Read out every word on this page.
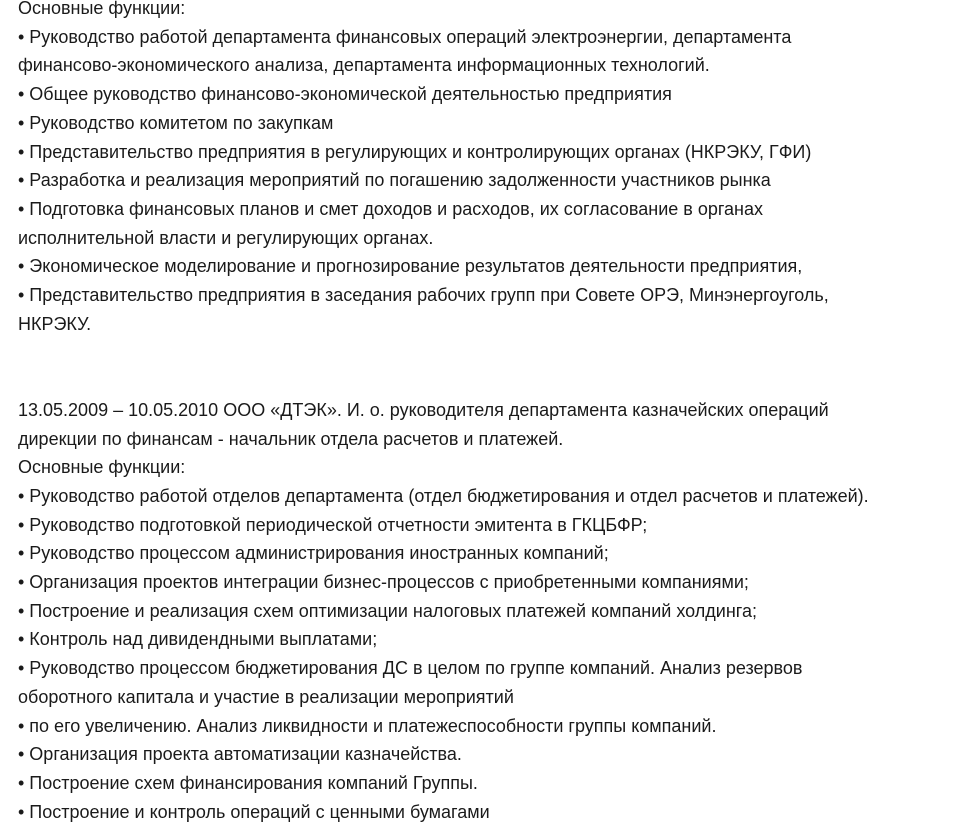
Основные функции:
• Руководство работой департамента финансовых операций электроэнергии, департамента
финансово-экономического анализа, департамента информационных технологий.
• Общее руководство финансово-экономической деятельностью предприятия
• Руководство комитетом по закупкам
• Представительство предприятия в регулирующих и контролирующих органах (НКРЭКУ, ГФИ)
• Разработка и реализация мероприятий по погашению задолженности участников рынка
• Подготовка финансовых планов и смет доходов и расходов, их согласование в органах
исполнительной власти и регулирующих органах.
• Экономическое моделирование и прогнозирование результатов деятельности предприятия,
• Представительство предприятия в заседания рабочих групп при Совете ОРЭ, Минэнергоуголь,
НКРЭКУ.
13.05.2009 – 10.05.2010 ООО «ДТЭК». И. о. руководителя департамента казначейских операций
дирекции по финансам - начальник отдела расчетов и платежей.
Основные функции:
• Руководство работой отделов департамента (отдел бюджетирования и отдел расчетов и платежей).
• Руководство подготовкой периодической отчетности эмитента в ГКЦБФР;
• Руководство процессом администрирования иностранных компаний;
• Организация проектов интеграции бизнес-процессов с приобретенными компаниями;
• Построение и реализация схем оптимизации налоговых платежей компаний холдинга;
• Контроль над дивидендными выплатами;
• Руководство процессом бюджетирования ДС в целом по группе компаний. Анализ резервов
оборотного капитала и участие в реализации мероприятий
• по его увеличению. Анализ ликвидности и платежеспособности группы компаний.
• Организация проекта автоматизации казначейства.
• Построение схем финансирования компаний Группы.
• Построение и контроль операций с ценными бумагами
